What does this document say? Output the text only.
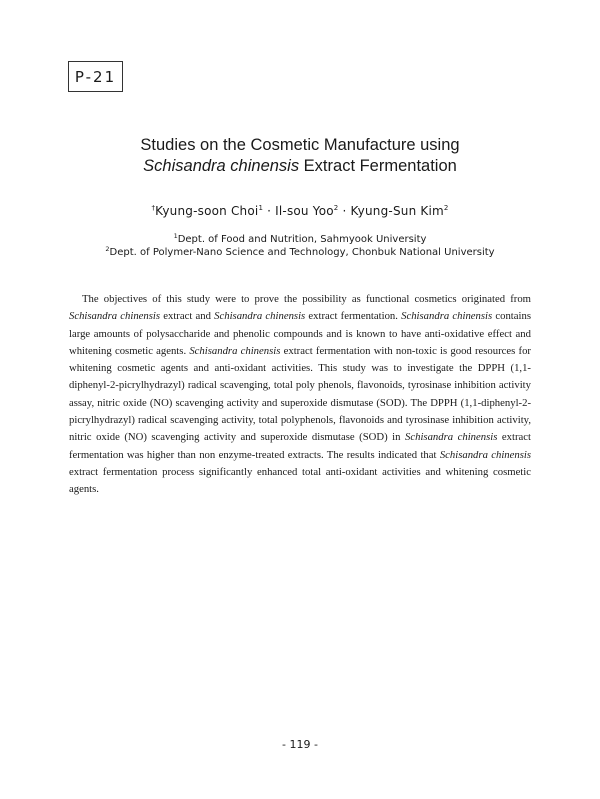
P-21
Studies on the Cosmetic Manufacture using
Schisandra chinensis Extract Fermentation
†Kyung-soon Choi$^1$ · Il-sou Yoo$^2$ · Kyung-Sun Kim$^2$
$^1$Dept. of Food and Nutrition, Sahmyook University
$^2$Dept. of Polymer-Nano Science and Technology, Chonbuk National University

The objectives of this study were to prove the possibility as functional cosmetics originated from Schisandra chinensis extract and Schisandra chinensis extract fermentation. Schisandra chinensis contains large amounts of polysaccharide and phenolic compounds and is known to have anti-oxidative effect and whitening cosmetic agents. Schisandra chinensis extract fermentation with non-toxic is good resources for whitening cosmetic agents and anti-oxidant activities. This study was to investigate the DPPH (1,1-diphenyl-2-picrylhydrazyl) radical scavenging, total poly phenols, flavonoids, tyrosinase inhibition activity assay, nitric oxide (NO) scavenging activity and superoxide dismutase (SOD). The DPPH (1,1-diphenyl-2-picrylhydrazyl) radical scavenging activity, total polyphenols, flavonoids and tyrosinase inhibition activity, nitric oxide (NO) scavenging activity and superoxide dismutase (SOD) in Schisandra chinensis extract fermentation was higher than non enzyme-treated extracts. The results indicated that Schisandra chinensis extract fermentation process significantly enhanced total anti-oxidant activities and whitening cosmetic agents.

- 119 -
